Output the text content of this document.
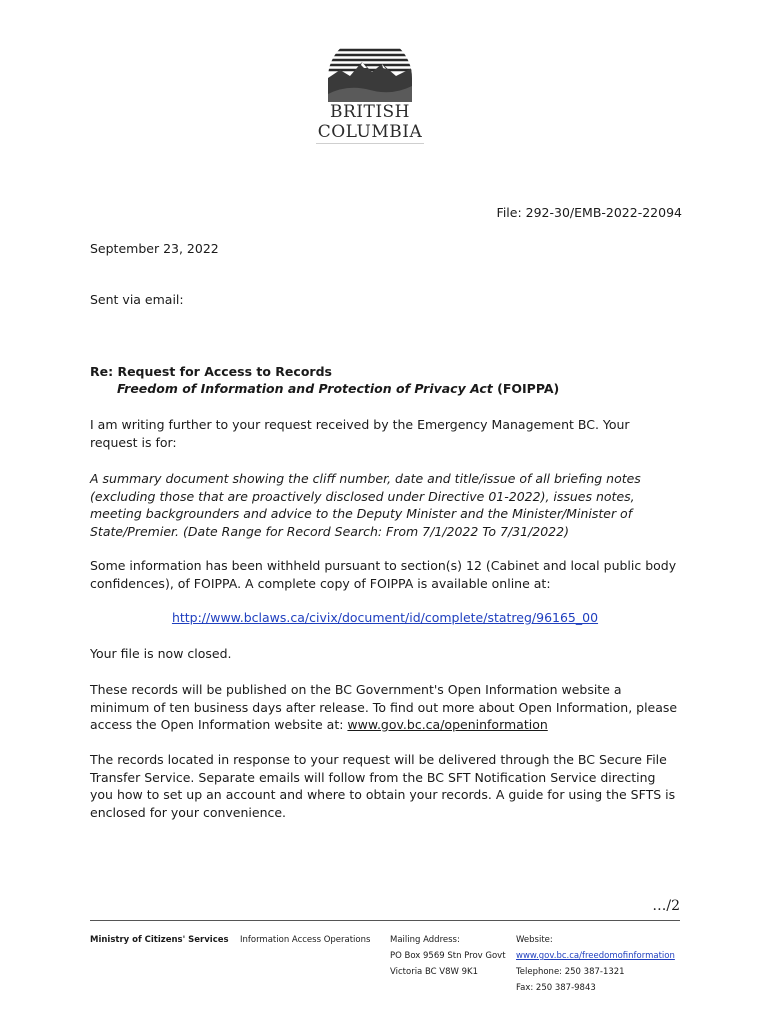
BRITISH
COLUMBIA
File: 292-30/EMB-2022-22094
September 23, 2022
Sent via email:
Re: Request for Access to Records
Freedom of Information and Protection of Privacy Act (FOIPPA)
I am writing further to your request received by the Emergency Management BC. Your request is for:
A summary document showing the cliff number, date and title/issue of all briefing notes (excluding those that are proactively disclosed under Directive 01-2022), issues notes, meeting backgrounders and advice to the Deputy Minister and the Minister/Minister of State/Premier. (Date Range for Record Search: From 7/1/2022 To 7/31/2022)
Some information has been withheld pursuant to section(s) 12 (Cabinet and local public body confidences), of FOIPPA. A complete copy of FOIPPA is available online at:
http://www.bclaws.ca/civix/document/id/complete/statreg/96165_00
Your file is now closed.
These records will be published on the BC Government's Open Information website a minimum of ten business days after release. To find out more about Open Information, please access the Open Information website at: www.gov.bc.ca/openinformation
The records located in response to your request will be delivered through the BC Secure File Transfer Service. Separate emails will follow from the BC SFT Notification Service directing you how to set up an account and where to obtain your records. A guide for using the SFTS is enclosed for your convenience.
…/2
Ministry of Citizens' Services Information Access Operations Mailing Address:
PO Box 9569 Stn Prov Govt
Victoria BC V8W 9K1
Website:
www.gov.bc.ca/freedomofinformation
Telephone: 250 387-1321
Fax: 250 387-9843
